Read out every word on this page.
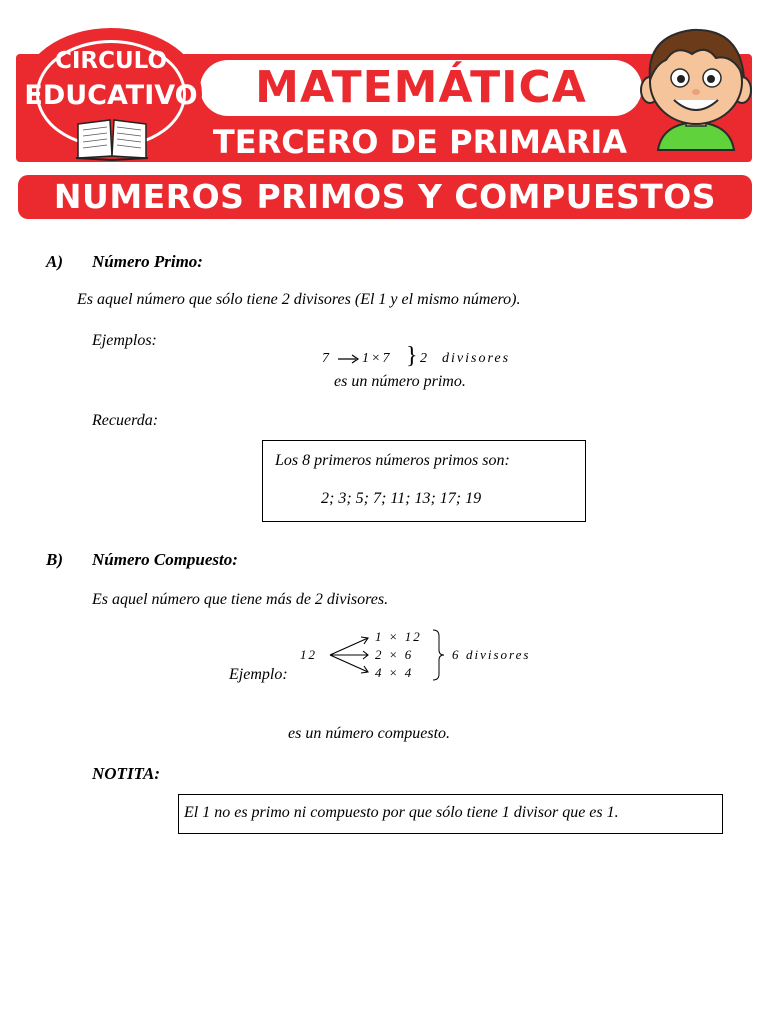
MATEMÁTICA
TERCERO DE PRIMARIA
CIRCULO
EDUCATIVO
NUMEROS PRIMOS Y COMPUESTOS
A) Número Primo:
Es aquel número que sólo tiene 2 divisores (El 1 y el mismo número).
Ejemplos:
7 1×7 } 2 divisores
es un número primo.
Recuerda:
Los 8 primeros números primos son:
2; 3; 5; 7; 11; 13; 17; 19
B) Número Compuesto:
Es aquel número que tiene más de 2 divisores.
12
1 × 12
2 × 6
4 × 4
6 divisores
Ejemplo:
es un número compuesto.
NOTITA:
El 1 no es primo ni compuesto por que sólo tiene 1 divisor que es 1.
